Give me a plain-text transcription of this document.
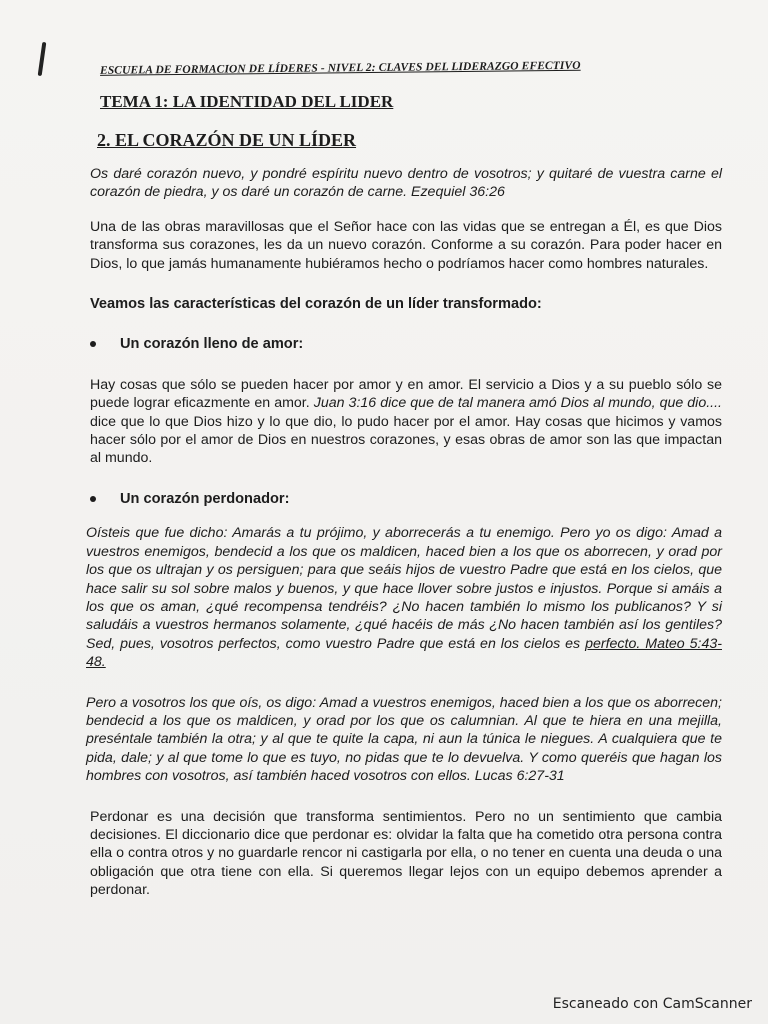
ESCUELA DE FORMACION DE LÍDERES - NIVEL 2: CLAVES DEL LIDERAZGO EFECTIVO
TEMA 1: LA IDENTIDAD DEL LIDER
2. EL CORAZÓN DE UN LÍDER

Os daré corazón nuevo, y pondré espíritu nuevo dentro de vosotros; y quitaré de vuestra carne el corazón de piedra, y os daré un corazón de carne. Ezequiel 36:26

Una de las obras maravillosas que el Señor hace con las vidas que se entregan a Él, es que Dios transforma sus corazones, les da un nuevo corazón. Conforme a su corazón. Para poder hacer en Dios, lo que jamás humanamente hubiéramos hecho o podríamos hacer como hombres naturales.

Veamos las características del corazón de un líder transformado:

Un corazón lleno de amor:

Hay cosas que sólo se pueden hacer por amor y en amor. El servicio a Dios y a su pueblo sólo se puede lograr eficazmente en amor. Juan 3:16 dice que de tal manera amó Dios al mundo, que dio.... dice que lo que Dios hizo y lo que dio, lo pudo hacer por el amor. Hay cosas que hicimos y vamos hacer sólo por el amor de Dios en nuestros corazones, y esas obras de amor son las que impactan al mundo.

Un corazón perdonador:

Oísteis que fue dicho: Amarás a tu prójimo, y aborrecerás a tu enemigo. Pero yo os digo: Amad a vuestros enemigos, bendecid a los que os maldicen, haced bien a los que os aborrecen, y orad por los que os ultrajan y os persiguen; para que seáis hijos de vuestro Padre que está en los cielos, que hace salir su sol sobre malos y buenos, y que hace llover sobre justos e injustos. Porque si amáis a los que os aman, ¿qué recompensa tendréis? ¿No hacen también lo mismo los publicanos? Y si saludáis a vuestros hermanos solamente, ¿qué hacéis de más ¿No hacen también así los gentiles? Sed, pues, vosotros perfectos, como vuestro Padre que está en los cielos es perfecto. Mateo 5:43-48.

Pero a vosotros los que oís, os digo: Amad a vuestros enemigos, haced bien a los que os aborrecen; bendecid a los que os maldicen, y orad por los que os calumnian. Al que te hiera en una mejilla, preséntale también la otra; y al que te quite la capa, ni aun la túnica le niegues. A cualquiera que te pida, dale; y al que tome lo que es tuyo, no pidas que te lo devuelva. Y como queréis que hagan los hombres con vosotros, así también haced vosotros con ellos. Lucas 6:27-31

Perdonar es una decisión que transforma sentimientos. Pero no un sentimiento que cambia decisiones. El diccionario dice que perdonar es: olvidar la falta que ha cometido otra persona contra ella o contra otros y no guardarle rencor ni castigarla por ella, o no tener en cuenta una deuda o una obligación que otra tiene con ella. Si queremos llegar lejos con un equipo debemos aprender a perdonar.

Escaneado con CamScanner
